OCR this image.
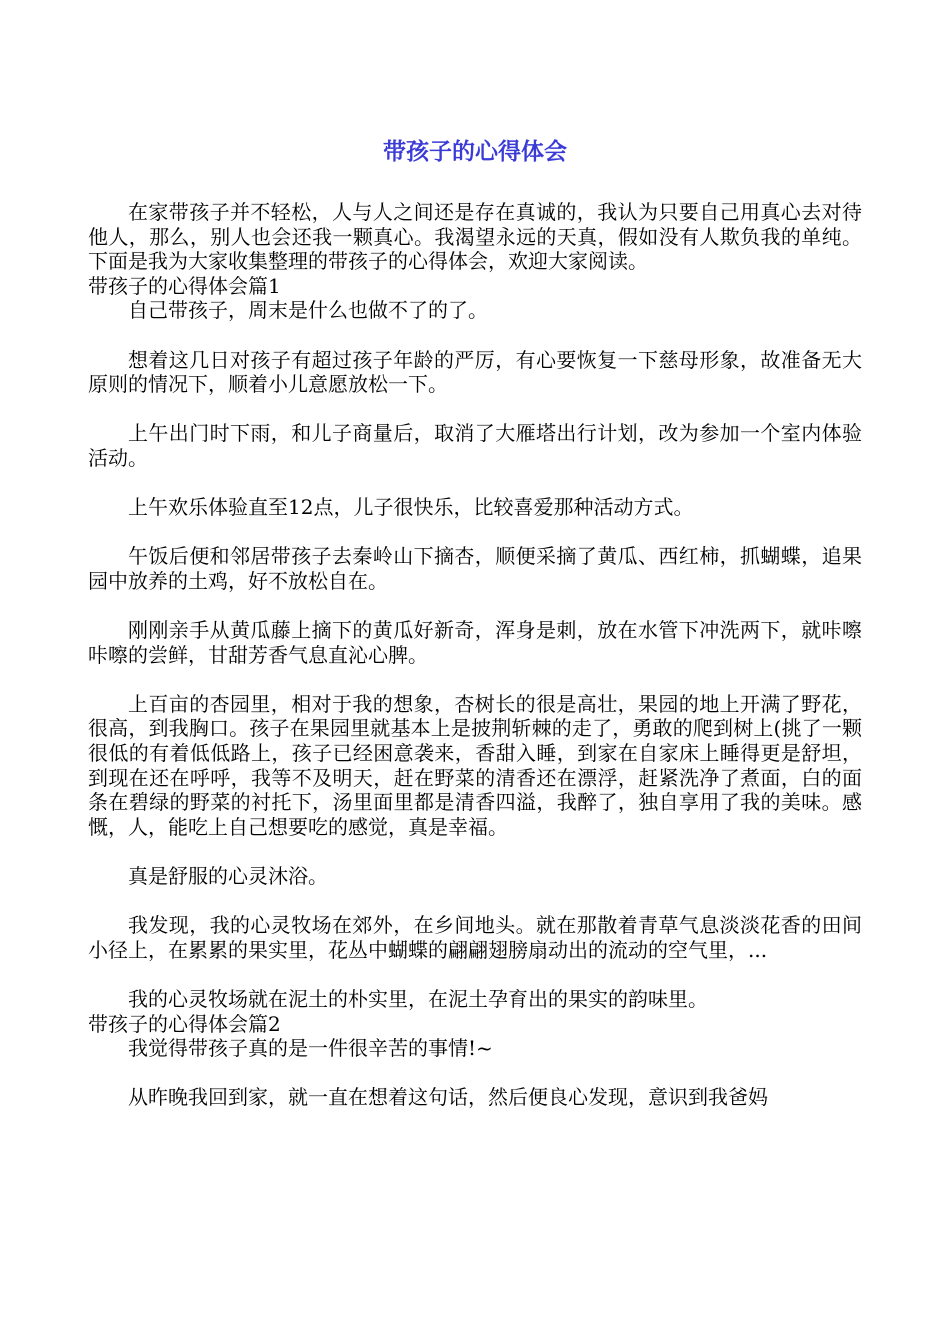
带孩子的心得体会

在家带孩子并不轻松，人与人之间还是存在真诚的，我认为只要自己用真心去对待他人，那么，别人也会还我一颗真心。我渴望永远的天真，假如没有人欺负我的单纯。下面是我为大家收集整理的带孩子的心得体会，欢迎大家阅读。

带孩子的心得体会篇1

自己带孩子，周末是什么也做不了的了。

想着这几日对孩子有超过孩子年龄的严厉，有心要恢复一下慈母形象，故准备无大原则的情况下，顺着小儿意愿放松一下。

上午出门时下雨，和儿子商量后，取消了大雁塔出行计划，改为参加一个室内体验活动。

上午欢乐体验直至12点，儿子很快乐，比较喜爱那种活动方式。

午饭后便和邻居带孩子去秦岭山下摘杏，顺便采摘了黄瓜、西红柿，抓蝴蝶，追果园中放养的土鸡，好不放松自在。

刚刚亲手从黄瓜藤上摘下的黄瓜好新奇，浑身是刺，放在水管下冲洗两下，就咔嚓咔嚓的尝鲜，甘甜芳香气息直沁心脾。

上百亩的杏园里，相对于我的想象，杏树长的很是高壮，果园的地上开满了野花，很高，到我胸口。孩子在果园里就基本上是披荆斩棘的走了，勇敢的爬到树上(挑了一颗很低的有着低低路上，孩子已经困意袭来，香甜入睡，到家在自家床上睡得更是舒坦，到现在还在呼呼，我等不及明天，赶在野菜的清香还在漂浮，赶紧洗净了煮面，白的面条在碧绿的野菜的衬托下，汤里面里都是清香四溢，我醉了，独自享用了我的美味。感慨，人，能吃上自己想要吃的感觉，真是幸福。

真是舒服的心灵沐浴。

我发现，我的心灵牧场在郊外，在乡间地头。就在那散着青草气息淡淡花香的田间小径上，在累累的果实里，花丛中蝴蝶的翩翩翅膀扇动出的流动的空气里，...

我的心灵牧场就在泥土的朴实里，在泥土孕育出的果实的韵味里。

带孩子的心得体会篇2

我觉得带孩子真的是一件很辛苦的事情!~

从昨晚我回到家，就一直在想着这句话，然后便良心发现，意识到我爸妈
